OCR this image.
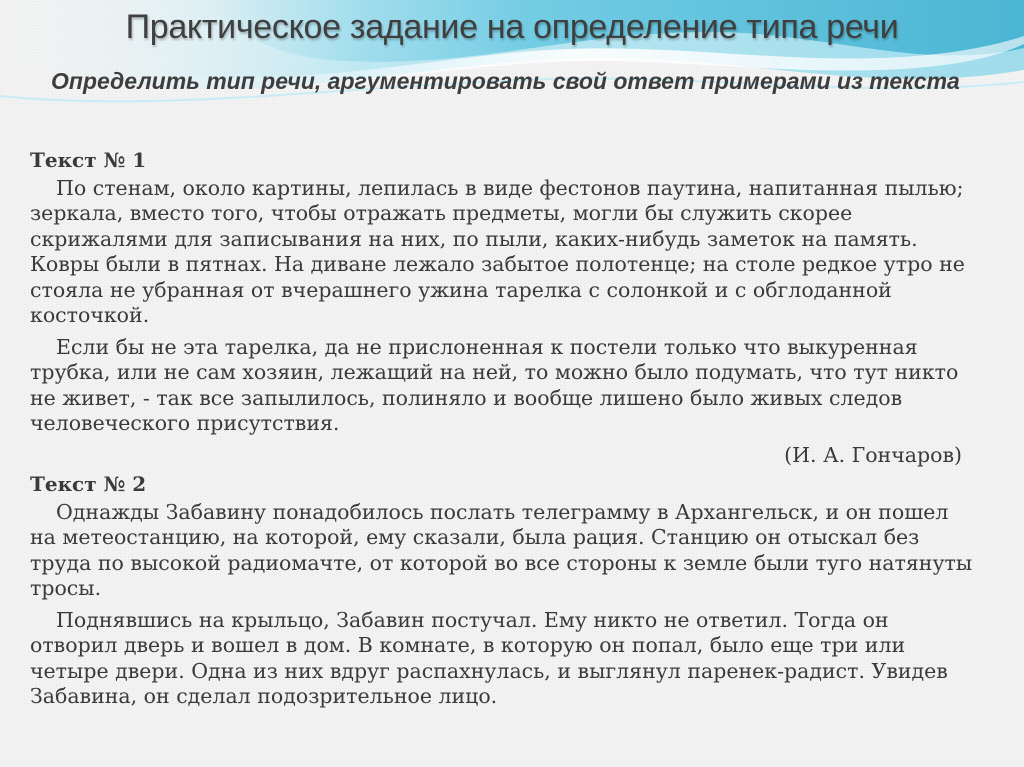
Практическое задание на определение типа речи
Определить тип речи, аргументировать свой ответ примерами из текста
Текст № 1

По стенам, около картины, лепилась в виде фестонов паутина, напитанная пылью; зеркала, вместо того, чтобы отражать предметы, могли бы служить скорее скрижалями для записывания на них, по пыли, каких-нибудь заметок на память. Ковры были в пятнах. На диване лежало забытое полотенце; на столе редкое утро не стояла не убранная от вчерашнего ужина тарелка с солонкой и с обглоданной косточкой.

Если бы не эта тарелка, да не прислоненная к постели только что выкуренная трубка, или не сам хозяин, лежащий на ней, то можно было подумать, что тут никто не живет, - так все запылилось, полиняло и вообще лишено было живых следов человеческого присутствия.

(И. А. Гончаров)
Текст № 2

Однажды Забавину понадобилось послать телеграмму в Архангельск, и он пошел на метеостанцию, на которой, ему сказали, была рация. Станцию он отыскал без труда по высокой радиомачте, от которой во все стороны к земле были туго натянуты тросы.

Поднявшись на крыльцо, Забавин постучал. Ему никто не ответил. Тогда он отворил дверь и вошел в дом. В комнате, в которую он попал, было еще три или четыре двери. Одна из них вдруг распахнулась, и выглянул паренек-радист. Увидев Забавина, он сделал подозрительное лицо.
